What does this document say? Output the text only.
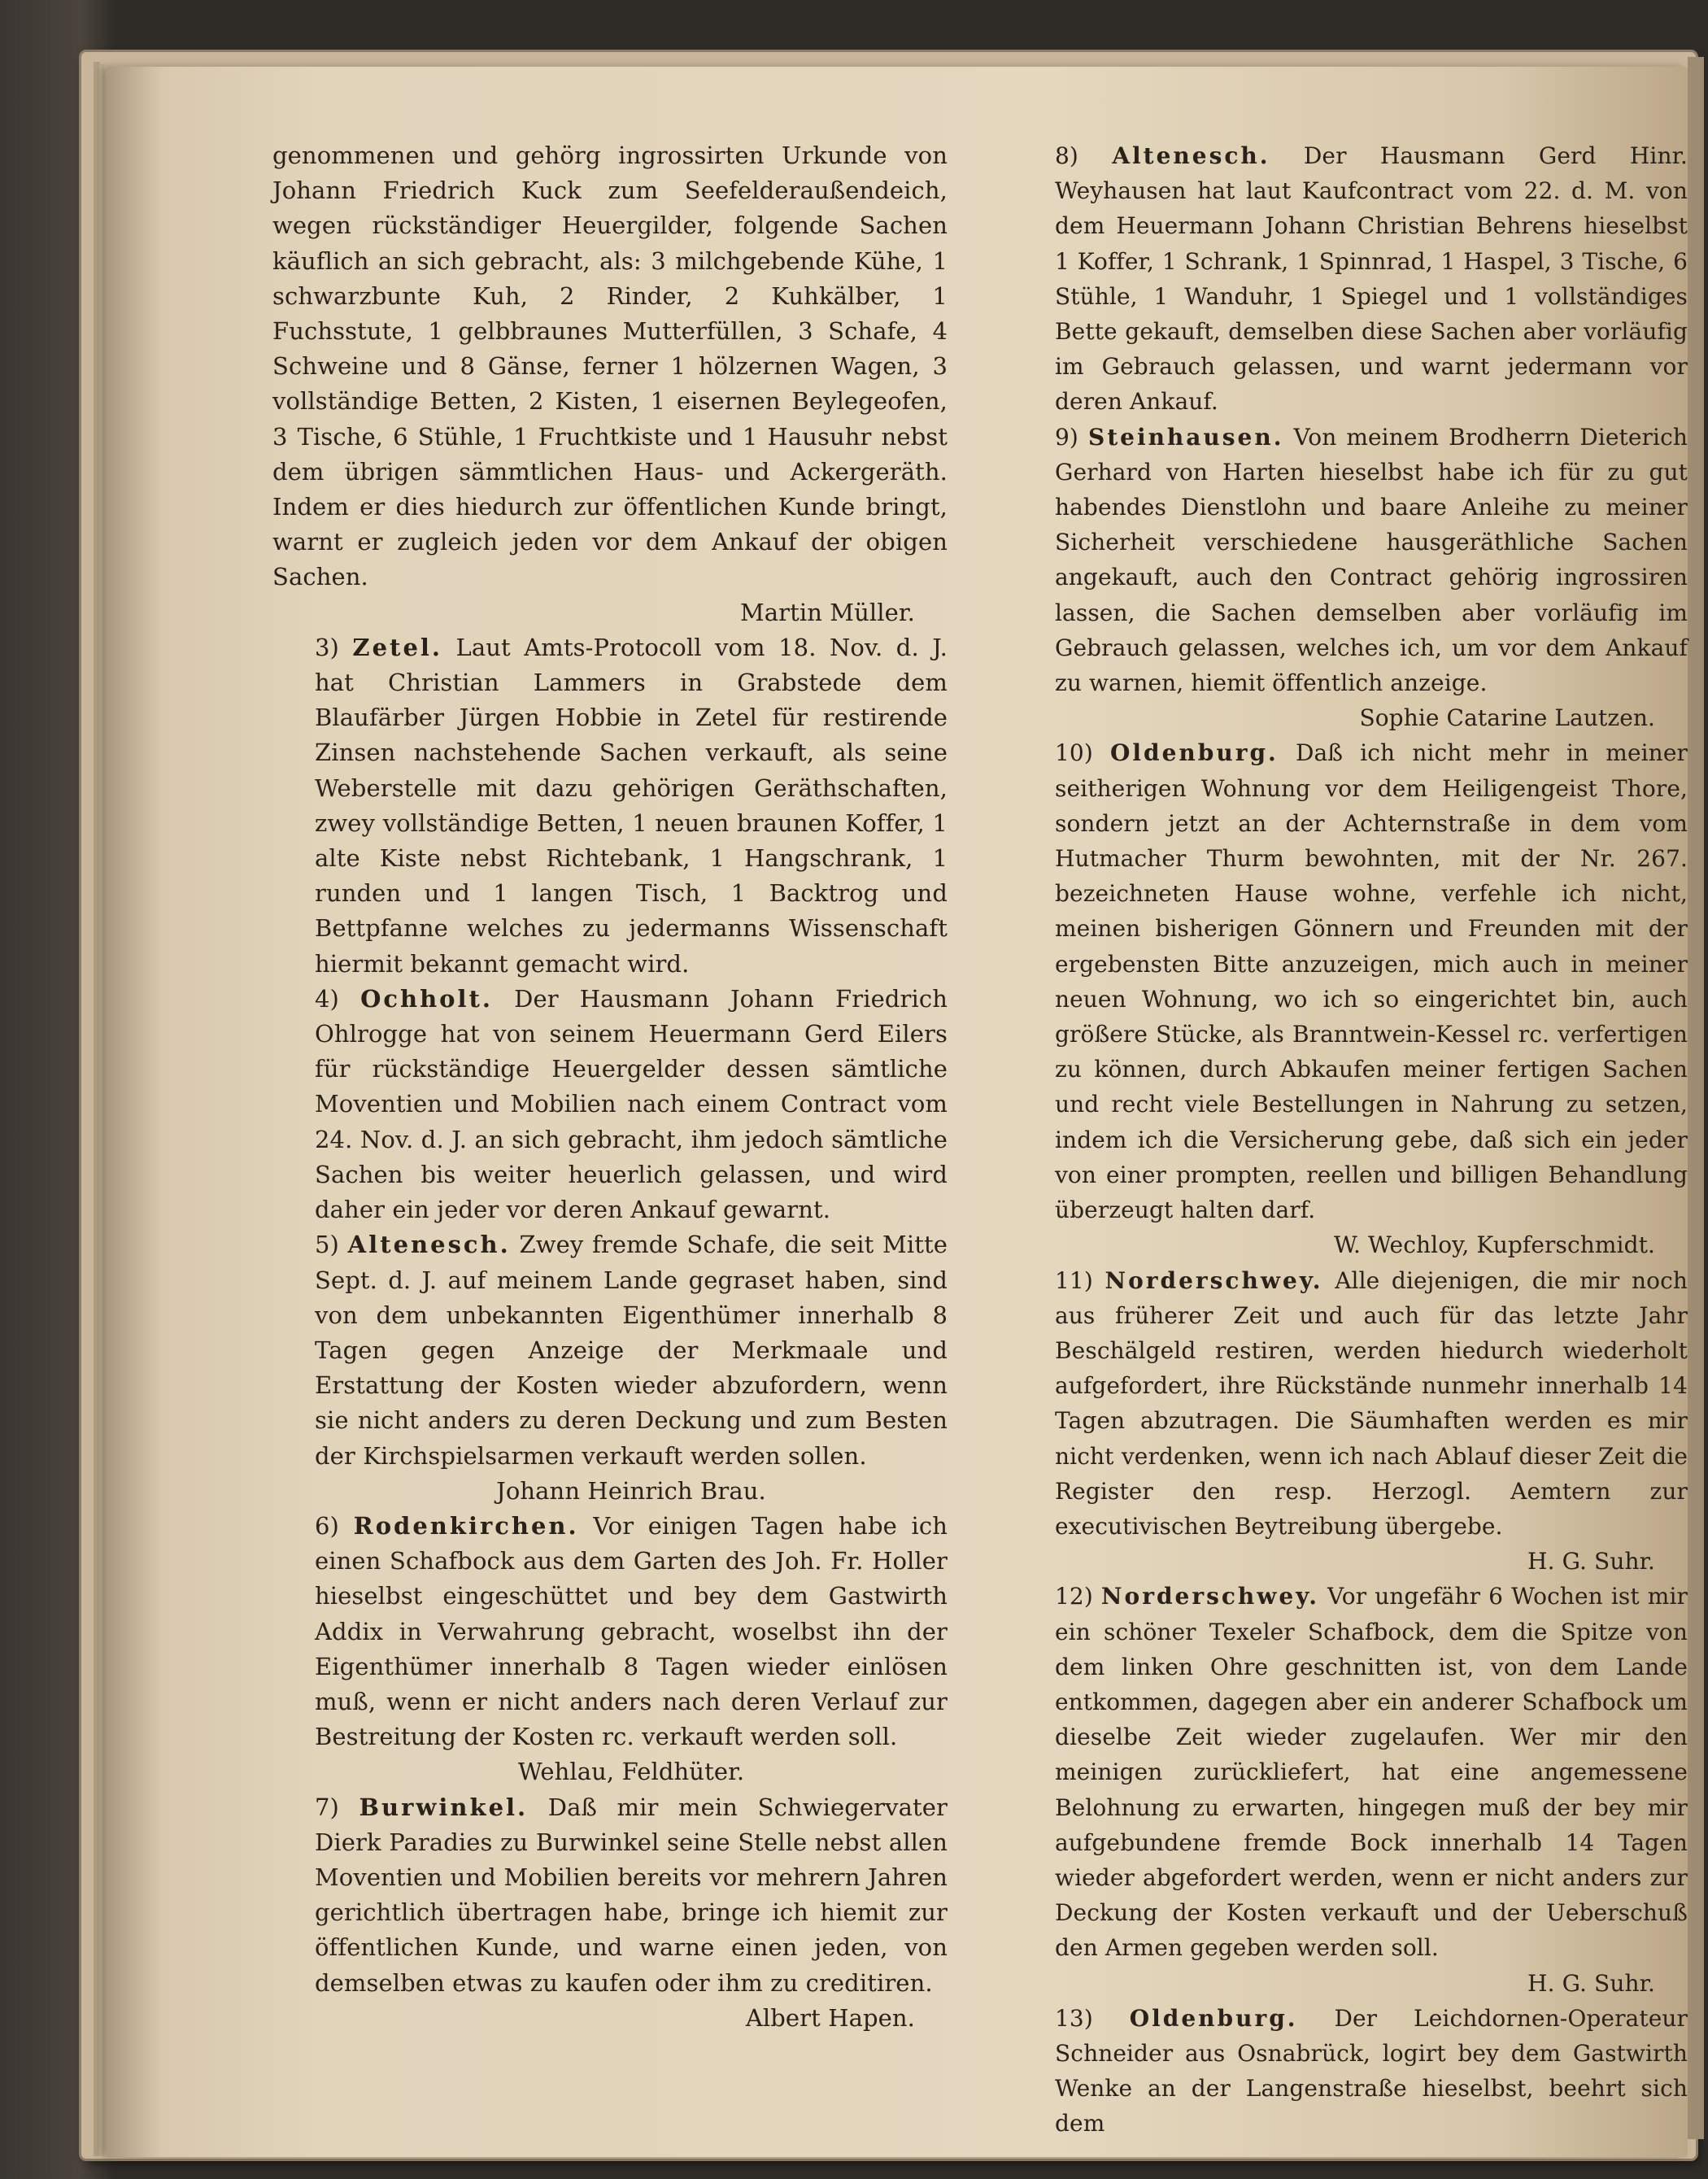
genommenen und gehörg ingrossirten Urkunde von Johann Friedrich Kuck zum Seefelderaußendeich, wegen rückständiger Heuergilder, folgende Sachen käuflich an sich gebracht, als: 3 milchgebende Kühe, 1 schwarzbunte Kuh, 2 Rinder, 2 Kuhkälber, 1 Fuchsstute, 1 gelbbraunes Mutterfüllen, 3 Schafe, 4 Schweine und 8 Gänse, ferner 1 hölzernen Wagen, 3 vollständige Betten, 2 Kisten, 1 eisernen Beylegeofen, 3 Tische, 6 Stühle, 1 Fruchtkiste und 1 Hausuhr nebst dem übrigen sämmtlichen Haus- und Ackergeräth. Indem er dies hiedurch zur öffentlichen Kunde bringt, warnt er zugleich jeden vor dem Ankauf der obigen Sachen.
Martin Müller.

3) Zetel. Laut Amts-Protocoll vom 18. Nov. d. J. hat Christian Lammers in Grabstede dem Blaufärber Jürgen Hobbie in Zetel für restirende Zinsen nachstehende Sachen verkauft, als seine Weberstelle mit dazu gehörigen Geräthschaften, zwey vollständige Betten, 1 neuen braunen Koffer, 1 alte Kiste nebst Richtebank, 1 Hangschrank, 1 runden und 1 langen Tisch, 1 Backtrog und Bettpfanne welches zu jedermanns Wissenschaft hiermit bekannt gemacht wird.

4) Ochholt. Der Hausmann Johann Friedrich Ohlrogge hat von seinem Heuermann Gerd Eilers für rückständige Heuergelder dessen sämtliche Moventien und Mobilien nach einem Contract vom 24. Nov. d. J. an sich gebracht, ihm jedoch sämtliche Sachen bis weiter heuerlich gelassen, und wird daher ein jeder vor deren Ankauf gewarnt.

5) Altenesch. Zwey fremde Schafe, die seit Mitte Sept. d. J. auf meinem Lande gegraset haben, sind von dem unbekannten Eigenthümer innerhalb 8 Tagen gegen Anzeige der Merkmaale und Erstattung der Kosten wieder abzufordern, wenn sie nicht anders zu deren Deckung und zum Besten der Kirchspielsarmen verkauft werden sollen.
Johann Heinrich Brau.

6) Rodenkirchen. Vor einigen Tagen habe ich einen Schafbock aus dem Garten des Joh. Fr. Holler hieselbst eingeschüttet und bey dem Gastwirth Addix in Verwahrung gebracht, woselbst ihn der Eigenthümer innerhalb 8 Tagen wieder einlösen muß, wenn er nicht anders nach deren Verlauf zur Bestreitung der Kosten rc. verkauft werden soll.
Wehlau, Feldhüter.

7) Burwinkel. Daß mir mein Schwiegervater Dierk Paradies zu Burwinkel seine Stelle nebst allen Moventien und Mobilien bereits vor mehrern Jahren gerichtlich übertragen habe, bringe ich hiemit zur öffentlichen Kunde, und warne einen jeden, von demselben etwas zu kaufen oder ihm zu creditiren.
Albert Hapen.

8) Altenesch. Der Hausmann Gerd Hinr. Weyhausen hat laut Kaufcontract vom 22. d. M. von dem Heuermann Johann Christian Behrens hieselbst 1 Koffer, 1 Schrank, 1 Spinnrad, 1 Haspel, 3 Tische, 6 Stühle, 1 Wanduhr, 1 Spiegel und 1 vollständiges Bette gekauft, demselben diese Sachen aber vorläufig im Gebrauch gelassen, und warnt jedermann vor deren Ankauf.

9) Steinhausen. Von meinem Brodherrn Dieterich Gerhard von Harten hieselbst habe ich für zu gut habendes Dienstlohn und baare Anleihe zu meiner Sicherheit verschiedene hausgeräthliche Sachen angekauft, auch den Contract gehörig ingrossiren lassen, die Sachen demselben aber vorläufig im Gebrauch gelassen, welches ich, um vor dem Ankauf zu warnen, hiemit öffentlich anzeige.
Sophie Catarine Lautzen.

10) Oldenburg. Daß ich nicht mehr in meiner seitherigen Wohnung vor dem Heiligengeist Thore, sondern jetzt an der Achternstraße in dem vom Hutmacher Thurm bewohnten, mit der Nr. 267. bezeichneten Hause wohne, verfehle ich nicht, meinen bisherigen Gönnern und Freunden mit der ergebensten Bitte anzuzeigen, mich auch in meiner neuen Wohnung, wo ich so eingerichtet bin, auch größere Stücke, als Branntwein-Kessel rc. verfertigen zu können, durch Abkaufen meiner fertigen Sachen und recht viele Bestellungen in Nahrung zu setzen, indem ich die Versicherung gebe, daß sich ein jeder von einer prompten, reellen und billigen Behandlung überzeugt halten darf.
W. Wechloy, Kupferschmidt.

11) Norderschwey. Alle diejenigen, die mir noch aus früherer Zeit und auch für das letzte Jahr Beschälgeld restiren, werden hiedurch wiederholt aufgefordert, ihre Rückstände nunmehr innerhalb 14 Tagen abzutragen. Die Säumhaften werden es mir nicht verdenken, wenn ich nach Ablauf dieser Zeit die Register den resp. Herzogl. Aemtern zur executivischen Beytreibung übergebe.
H. G. Suhr.

12) Norderschwey. Vor ungefähr 6 Wochen ist mir ein schöner Texeler Schafbock, dem die Spitze von dem linken Ohre geschnitten ist, von dem Lande entkommen, dagegen aber ein anderer Schafbock um dieselbe Zeit wieder zugelaufen. Wer mir den meinigen zurückliefert, hat eine angemessene Belohnung zu erwarten, hingegen muß der bey mir aufgebundene fremde Bock innerhalb 14 Tagen wieder abgefordert werden, wenn er nicht anders zur Deckung der Kosten verkauft und der Ueberschuß den Armen gegeben werden soll.
H. G. Suhr.

13) Oldenburg. Der Leichdornen-Operateur Schneider aus Osnabrück, logirt bey dem Gastwirth Wenke an der Langenstraße hieselbst, beehrt sich dem
